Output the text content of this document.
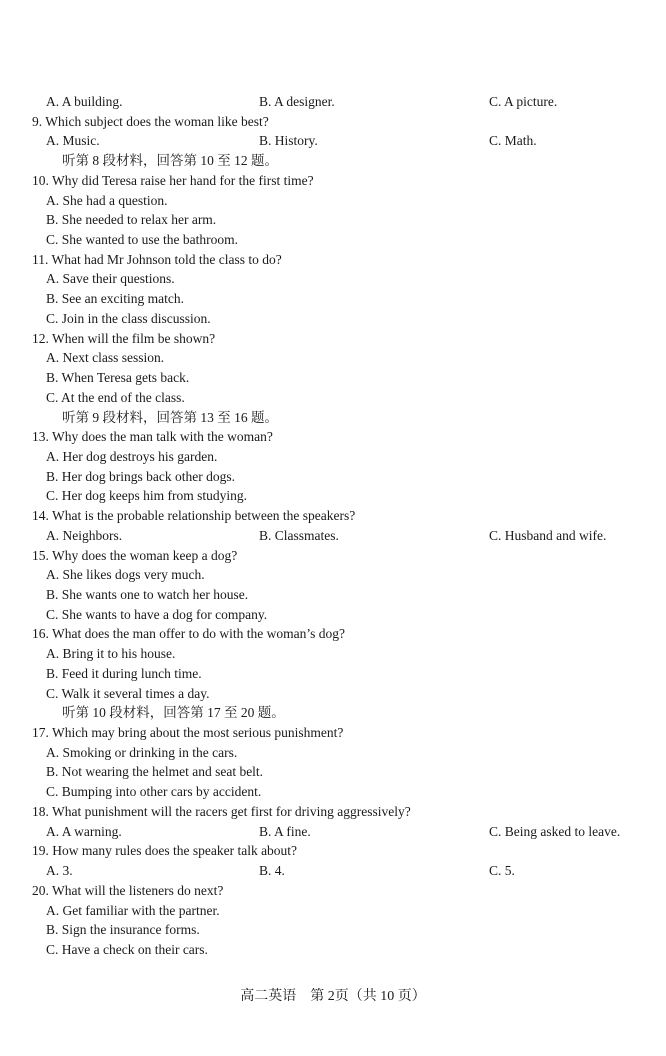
A. A building.	B. A designer.	C. A picture.
9. Which subject does the woman like best?
A. Music.	B. History.	C. Math.
听第 8 段材料，回答第 10 至 12 题。
10. Why did Teresa raise her hand for the first time?
A. She had a question.
B. She needed to relax her arm.
C. She wanted to use the bathroom.
11. What had Mr Johnson told the class to do?
A. Save their questions.
B. See an exciting match.
C. Join in the class discussion.
12. When will the film be shown?
A. Next class session.
B. When Teresa gets back.
C. At the end of the class.
听第 9 段材料，回答第 13 至 16 题。
13. Why does the man talk with the woman?
A. Her dog destroys his garden.
B. Her dog brings back other dogs.
C. Her dog keeps him from studying.
14. What is the probable relationship between the speakers?
A. Neighbors.	B. Classmates.	C. Husband and wife.
15. Why does the woman keep a dog?
A. She likes dogs very much.
B. She wants one to watch her house.
C. She wants to have a dog for company.
16. What does the man offer to do with the woman’s dog?
A. Bring it to his house.
B. Feed it during lunch time.
C. Walk it several times a day.
听第 10 段材料，回答第 17 至 20 题。
17. Which may bring about the most serious punishment?
A. Smoking or drinking in the cars.
B. Not wearing the helmet and seat belt.
C. Bumping into other cars by accident.
18. What punishment will the racers get first for driving aggressively?
A. A warning.	B. A fine.	C. Being asked to leave.
19. How many rules does the speaker talk about?
A. 3.	B. 4.	C. 5.
20. What will the listeners do next?
A. Get familiar with the partner.
B. Sign the insurance forms.
C. Have a check on their cars.
高二英语　第 2页（共 10 页）
